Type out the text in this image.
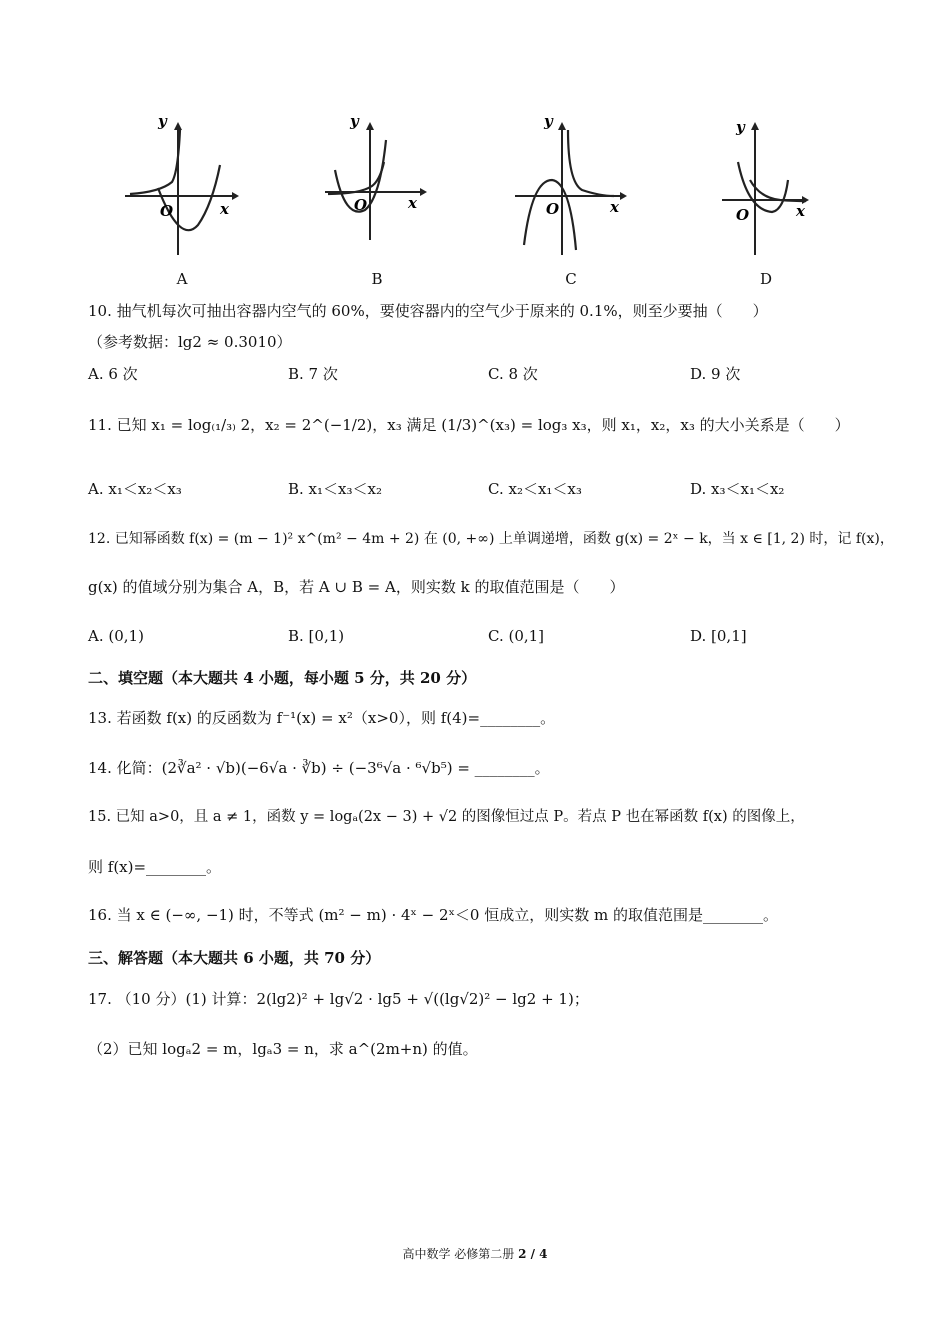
y
x
O
A
y
x
O
B
y
x
O
C
y
x
O
D
10. 抽气机每次可抽出容器内空气的 60%，要使容器内的空气少于原来的 0.1%，则至少要抽（　　）
（参考数据：lg2 ≈ 0.3010）
A. 6 次	B. 7 次	C. 8 次	D. 9 次
11. 已知 x₁ = log₍₁/₃₎ 2，x₂ = 2^(−1/2)，x₃ 满足 (1/3)^(x₃) = log₃ x₃，则 x₁，x₂，x₃ 的大小关系是（　　）
A. x₁＜x₂＜x₃	B. x₁＜x₃＜x₂	C. x₂＜x₁＜x₃	D. x₃＜x₁＜x₂
12. 已知幂函数 f(x) = (m − 1)² x^(m² − 4m + 2) 在 (0, +∞) 上单调递增，函数 g(x) = 2ˣ − k，当 x ∈ [1, 2) 时，记 f(x)，
g(x) 的值域分别为集合 A，B，若 A ∪ B = A，则实数 k 的取值范围是（　　）
A. (0,1)	B. [0,1)	C. (0,1]	D. [0,1]
二、填空题（本大题共 4 小题，每小题 5 分，共 20 分）
13. 若函数 f(x) 的反函数为 f⁻¹(x) = x²（x>0），则 f(4)=________。
14. 化简：(2∛a² · √b)(−6√a · ∛b) ÷ (−3⁶√a · ⁶√b⁵) = ________。
15. 已知 a>0，且 a ≠ 1，函数 y = logₐ(2x − 3) + √2 的图像恒过点 P。若点 P 也在幂函数 f(x) 的图像上，
则 f(x)=________。
16. 当 x ∈ (−∞, −1) 时，不等式 (m² − m) · 4ˣ − 2ˣ＜0 恒成立，则实数 m 的取值范围是________。
三、解答题（本大题共 6 小题，共 70 分）
17. （10 分）(1) 计算：2(lg2)² + lg√2 · lg5 + √((lg√2)² − lg2 + 1)；
（2）已知 logₐ2 = m，lgₐ3 = n，求 a^(2m+n) 的值。
高中数学 必修第二册 2 / 4
